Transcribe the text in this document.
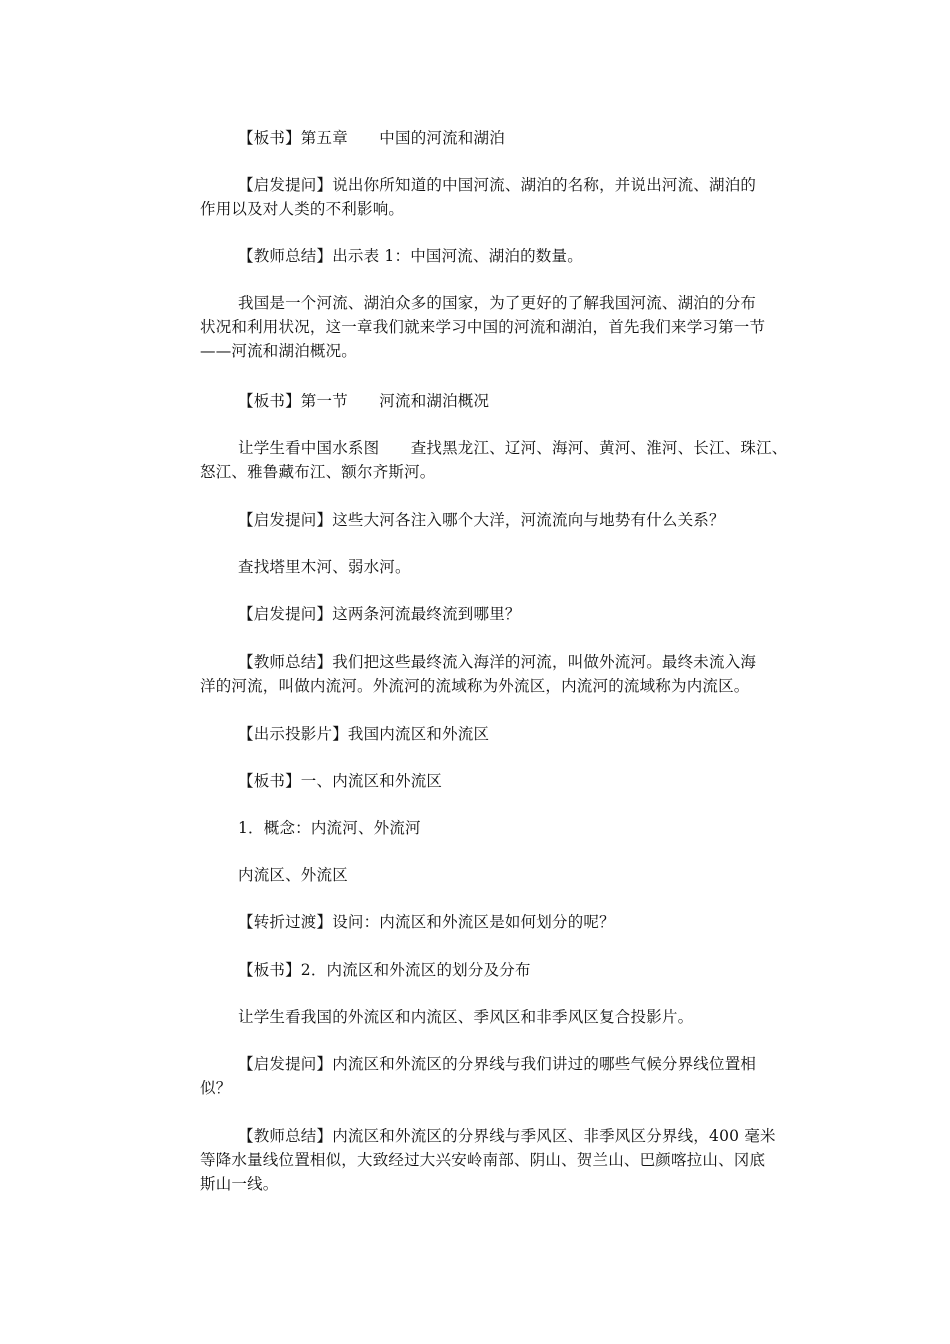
【板书】第五章　　中国的河流和湖泊

【启发提问】说出你所知道的中国河流、湖泊的名称，并说出河流、湖泊的
作用以及对人类的不利影响。

【教师总结】出示表 1：中国河流、湖泊的数量。

我国是一个河流、湖泊众多的国家，为了更好的了解我国河流、湖泊的分布
状况和利用状况，这一章我们就来学习中国的河流和湖泊，首先我们来学习第一节
——河流和湖泊概况。

【板书】第一节　　河流和湖泊概况

让学生看中国水系图　　查找黑龙江、辽河、海河、黄河、淮河、长江、珠江、
怒江、雅鲁藏布江、额尔齐斯河。

【启发提问】这些大河各注入哪个大洋，河流流向与地势有什么关系？

查找塔里木河、弱水河。

【启发提问】这两条河流最终流到哪里？

【教师总结】我们把这些最终流入海洋的河流，叫做外流河。最终未流入海
洋的河流，叫做内流河。外流河的流域称为外流区，内流河的流域称为内流区。

【出示投影片】我国内流区和外流区

【板书】一、内流区和外流区

1．概念：内流河、外流河

内流区、外流区

【转折过渡】设问：内流区和外流区是如何划分的呢？

【板书】2．内流区和外流区的划分及分布

让学生看我国的外流区和内流区、季风区和非季风区复合投影片。

【启发提问】内流区和外流区的分界线与我们讲过的哪些气候分界线位置相
似？

【教师总结】内流区和外流区的分界线与季风区、非季风区分界线，400 毫米
等降水量线位置相似，大致经过大兴安岭南部、阴山、贺兰山、巴颜喀拉山、冈底
斯山一线。
